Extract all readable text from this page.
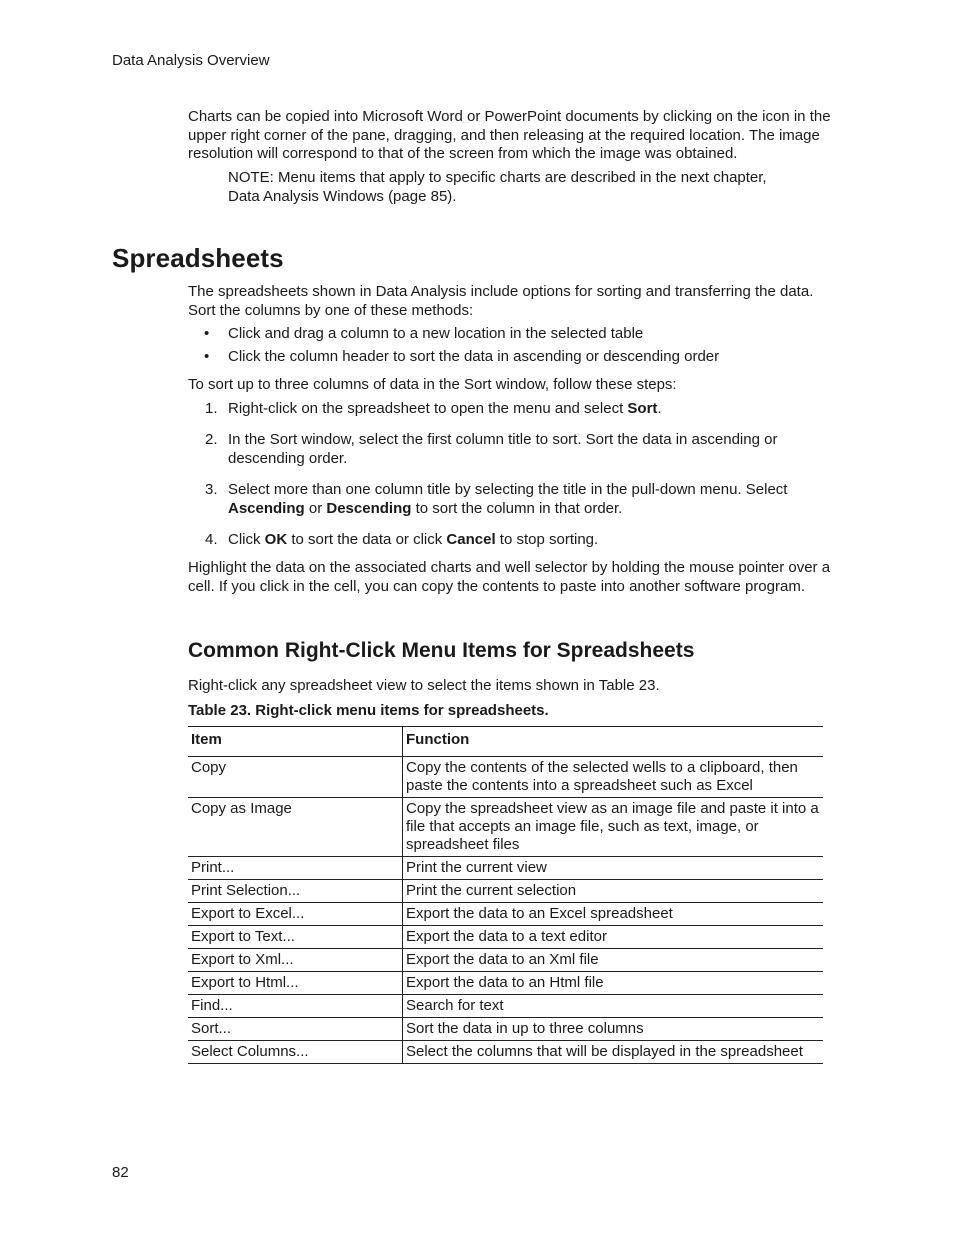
Data Analysis Overview

Charts can be copied into Microsoft Word or PowerPoint documents by clicking on the icon in the upper right corner of the pane, dragging, and then releasing at the required location. The image resolution will correspond to that of the screen from which the image was obtained.

NOTE: Menu items that apply to specific charts are described in the next chapter,
Data Analysis Windows (page 85).
Spreadsheets

The spreadsheets shown in Data Analysis include options for sorting and transferring the data. Sort the columns by one of these methods:

• Click and drag a column to a new location in the selected table
• Click the column header to sort the data in ascending or descending order

To sort up to three columns of data in the Sort window, follow these steps:

1. Right-click on the spreadsheet to open the menu and select Sort.
2. In the Sort window, select the first column title to sort. Sort the data in ascending or descending order.
3. Select more than one column title by selecting the title in the pull-down menu. Select Ascending or Descending to sort the column in that order.
4. Click OK to sort the data or click Cancel to stop sorting.

Highlight the data on the associated charts and well selector by holding the mouse pointer over a cell. If you click in the cell, you can copy the contents to paste into another software program.

Common Right-Click Menu Items for Spreadsheets

Right-click any spreadsheet view to select the items shown in Table 23.

Table 23. Right-click menu items for spreadsheets.
Item	Function
Copy	Copy the contents of the selected wells to a clipboard, then paste the contents into a spreadsheet such as Excel
Copy as Image	Copy the spreadsheet view as an image file and paste it into a file that accepts an image file, such as text, image, or spreadsheet files
Print...	Print the current view
Print Selection...	Print the current selection
Export to Excel...	Export the data to an Excel spreadsheet
Export to Text...	Export the data to a text editor
Export to Xml...	Export the data to an Xml file
Export to Html...	Export the data to an Html file
Find...	Search for text
Sort...	Sort the data in up to three columns
Select Columns...	Select the columns that will be displayed in the spreadsheet
82
